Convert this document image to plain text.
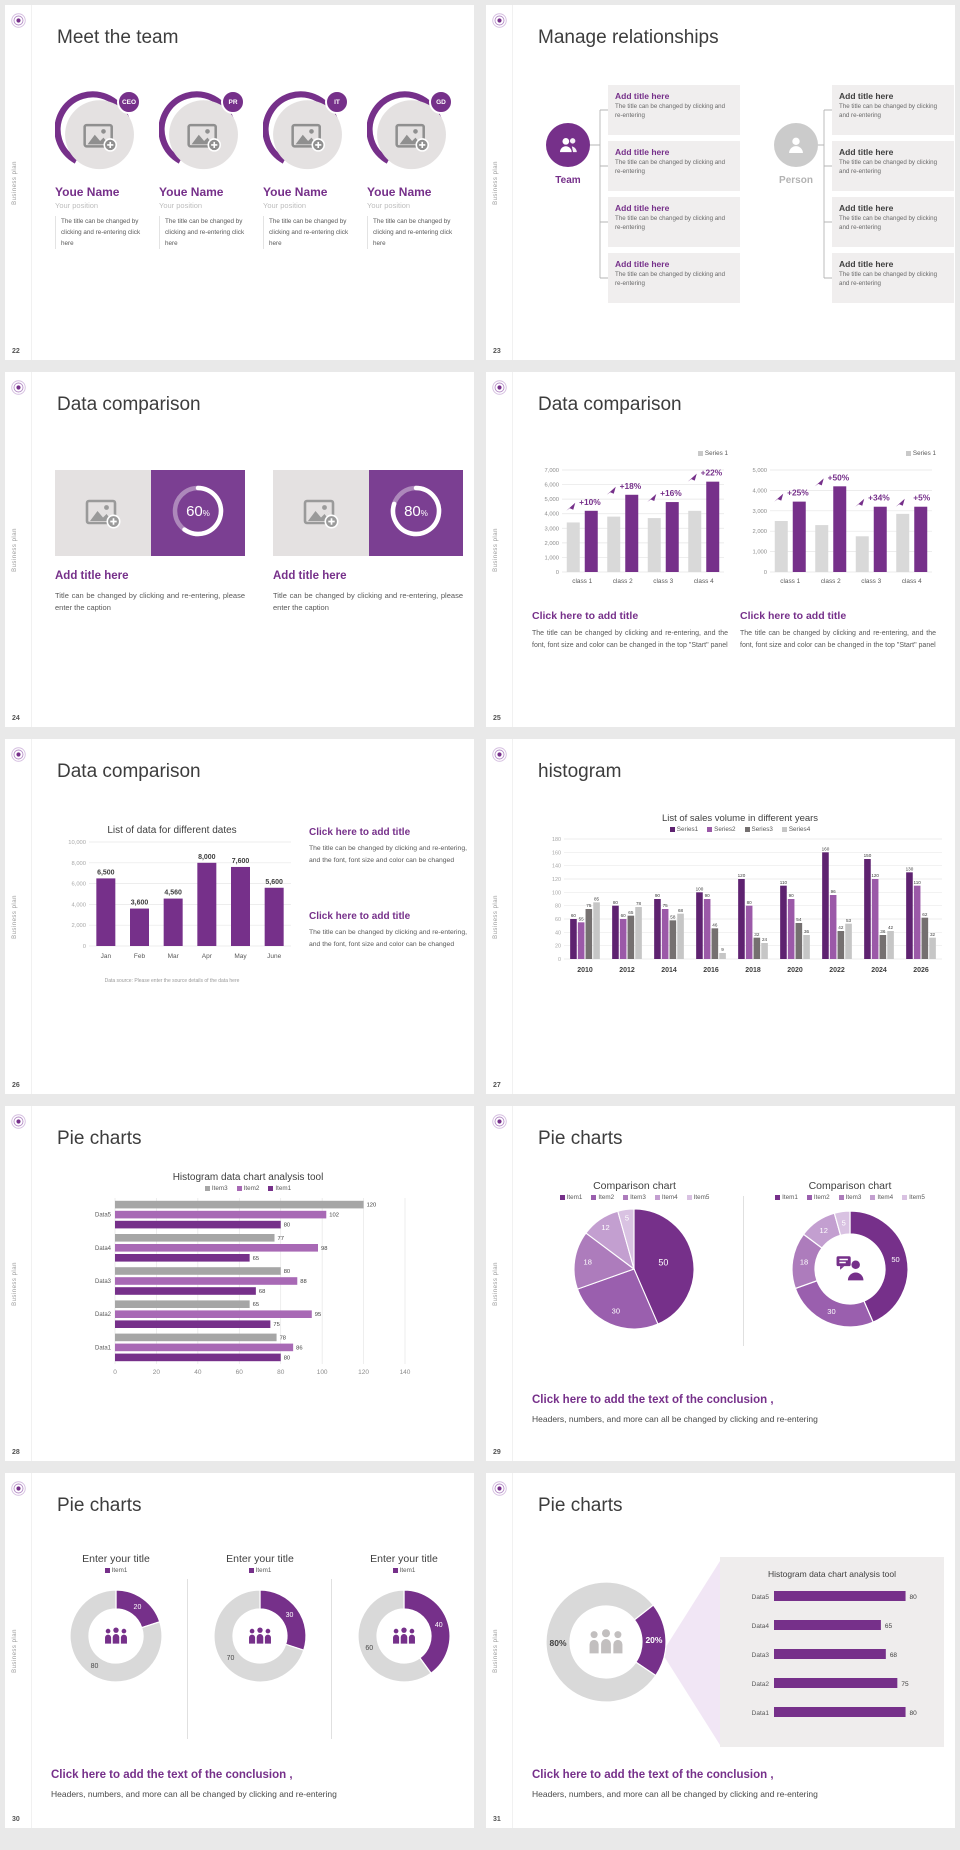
Business plan
22
Meet the team
CEO
Youe Name
Your position
The title can be changed by clicking and re-entering click here
PR
Youe Name
Your position
The title can be changed by clicking and re-entering click here
IT
Youe Name
Your position
The title can be changed by clicking and re-entering click here
GD
Youe Name
Your position
The title can be changed by clicking and re-entering click here
Business plan
23
Manage relationships
Team	Person
Add title here
The title can be changed by clicking and re-entering
Add title here
The title can be changed by clicking and re-entering
Add title here
The title can be changed by clicking and re-entering
Add title here
The title can be changed by clicking and re-entering
Add title here
The title can be changed by clicking and re-entering
Add title here
The title can be changed by clicking and re-entering
Add title here
The title can be changed by clicking and re-entering
Add title here
The title can be changed by clicking and re-entering
Business plan
24
Data comparison
60%	80%
Add title here
Title can be changed by clicking and re-entering, please enter the caption
Add title here
Title can be changed by clicking and re-entering, please enter the caption
Business plan
25
Data comparison
Series 1
0
1,000
2,000
3,000
4,000
5,000
6,000
7,000
+10%
class 1
+18%
class 2
+16%
class 3
+22%
class 4
Series 1
0
1,000
2,000
3,000
4,000
5,000
+25%
class 1
+50%
class 2
+34%
class 3
+5%
class 4
Click here to add title
The title can be changed by clicking and re-entering, and the font, font size and color can be changed in the top "Start" panel
Click here to add title
The title can be changed by clicking and re-entering, and the font, font size and color can be changed in the top "Start" panel
Business plan
26
Data comparison
List of data for different dates
0
2,000
4,000
6,000
8,000
10,000
6,500
Jan
3,600
Feb
4,560
Mar
8,000
Apr
7,600
May
5,600
June
Data source: Please enter the source details of the data here
Click here to add title
The title can be changed by clicking and re-entering, and the font, font size and color can be changed
Click here to add title
The title can be changed by clicking and re-entering, and the font, font size and color can be changed
Business plan
27
histogram
List of sales volume in different years
Series1	Series2	Series3	Series4
0
20
40
60
80
100
120
140
160
180
60
55
75
85
2010
80
60
65
78
2012
90
75
58
68
2014
100
90
46
9
2016
120
80
32
24
2018
110
90
54
36
2020
160
96
42
53
2022
150
120
36
42
2024
130
110
62
32
2026
Business plan
28
Pie charts
Histogram data chart analysis tool
Item3	Item2	Item1
0	20	40	60	80	100	120	140
120
102
80
Data5
77
98
65
Data4
80
88
68
Data3
65
95
75
Data2
78
86
80
Data1
Business plan
29
Pie charts
Comparison chart
Item1	Item2	Item3	Item4	Item5
50
30
18
12
5
Comparison chart
Item1	Item2	Item3	Item4	Item5
50
30
18
12
5
Click here to add the text of the conclusion ,
Headers, numbers, and more can all be changed by clicking and re-entering
Business plan
30
Pie charts
Enter your title
Item1
20
80
Enter your title
Item1
30
70
Enter your title
Item1
40
60
Click here to add the text of the conclusion ,
Headers, numbers, and more can all be changed by clicking and re-entering
Business plan
31
Pie charts
20%
80%
Histogram data chart analysis tool
80
Data5
65
Data4
68
Data3
75
Data2
80
Data1
Click here to add the text of the conclusion ,
Headers, numbers, and more can all be changed by clicking and re-entering
